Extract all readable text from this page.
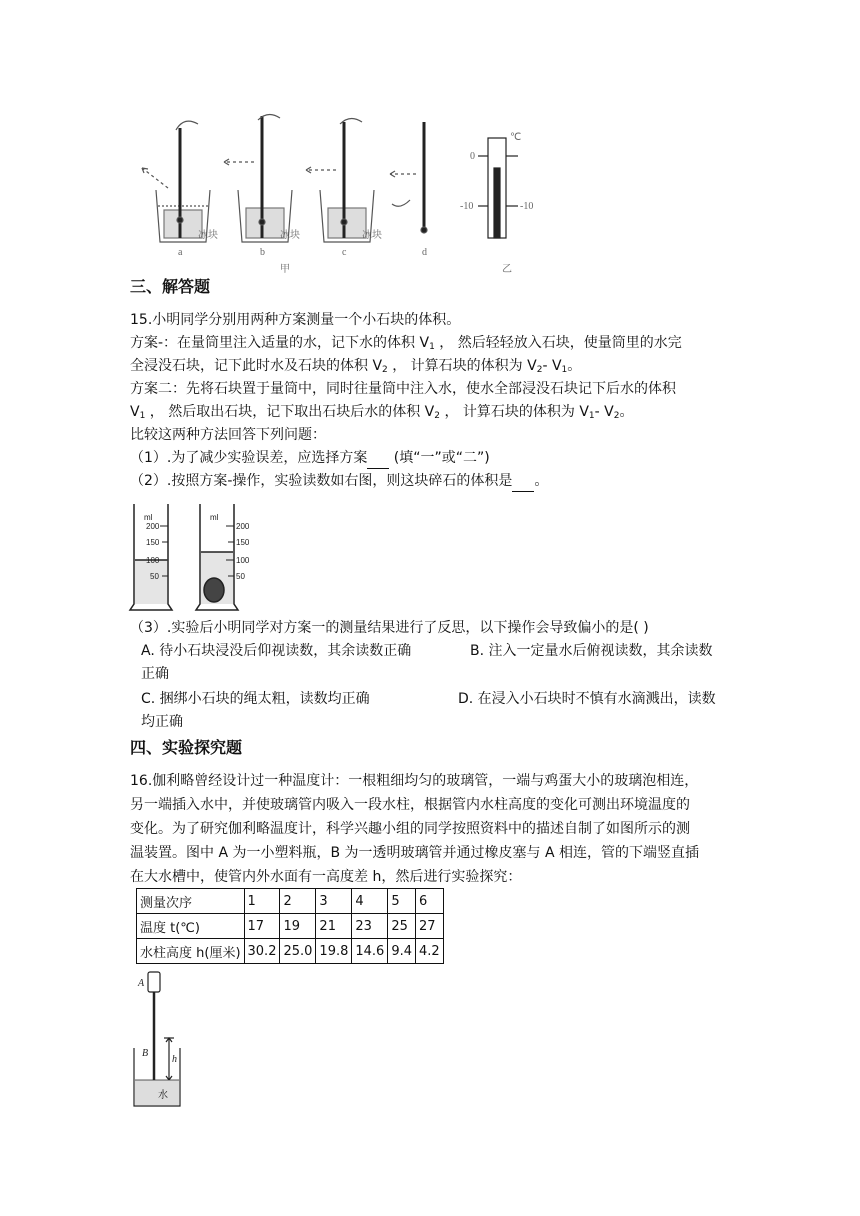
冰块	冰块	冰块
a	b	c	d
甲	乙
℃
0
-10	-10
三、解答题
15.小明同学分别用两种方案测量一个小石块的体积。
方案-：在量筒里注入适量的水，记下水的体积 $V_1$ ， 然后轻轻放入石块，使量筒里的水完
全浸没石块，记下此时水及石块的体积 $V_2$ ， 计算石块的体积为 $V_2-$ $V_1$。
方案二：先将石块置于量筒中，同时往量筒中注入水，使水全部浸没石块记下后水的体积
$V_1$ ， 然后取出石块，记下取出石块后水的体积 $V_2$ ， 计算石块的体积为 $V_1-$ $V_2$。
比较这两种方法回答下列问题：
（1）.为了减少实验误差，应选择方案 (填“一”或“二”)
（2）.按照方案-操作，实验读数如右图，则这块碎石的体积是 。
ml	ml
200
150
100
50
200
150
100
50
（3）.实验后小明同学对方案一的测量结果进行了反思，以下操作会导致偏小的是( )
A. 待小石块浸没后仰视读数，其余读数正确	B. 注入一定量水后俯视读数，其余读数
正确
C. 捆绑小石块的绳太粗，读数均正确	D. 在浸入小石块时不慎有水滴溅出，读数
均正确
四、实验探究题
16.伽利略曾经设计过一种温度计：一根粗细均匀的玻璃管，一端与鸡蛋大小的玻璃泡相连，
另一端插入水中，并使玻璃管内吸入一段水柱，根据管内水柱高度的变化可测出环境温度的
变化。为了研究伽利略温度计，科学兴趣小组的同学按照资料中的描述自制了如图所示的测
温装置。图中 A 为一小塑料瓶，B 为一透明玻璃管并通过橡皮塞与 A 相连，管的下端竖直插
在大水槽中，使管内外水面有一高度差 h，然后进行实验探究：
测量次序	1	2	3	4	5	6
温度 t(℃)	17	19	21	23	25	27
水柱高度 h(厘米)	30.2	25.0	19.8	14.6	9.4	4.2
A
B
h
水
